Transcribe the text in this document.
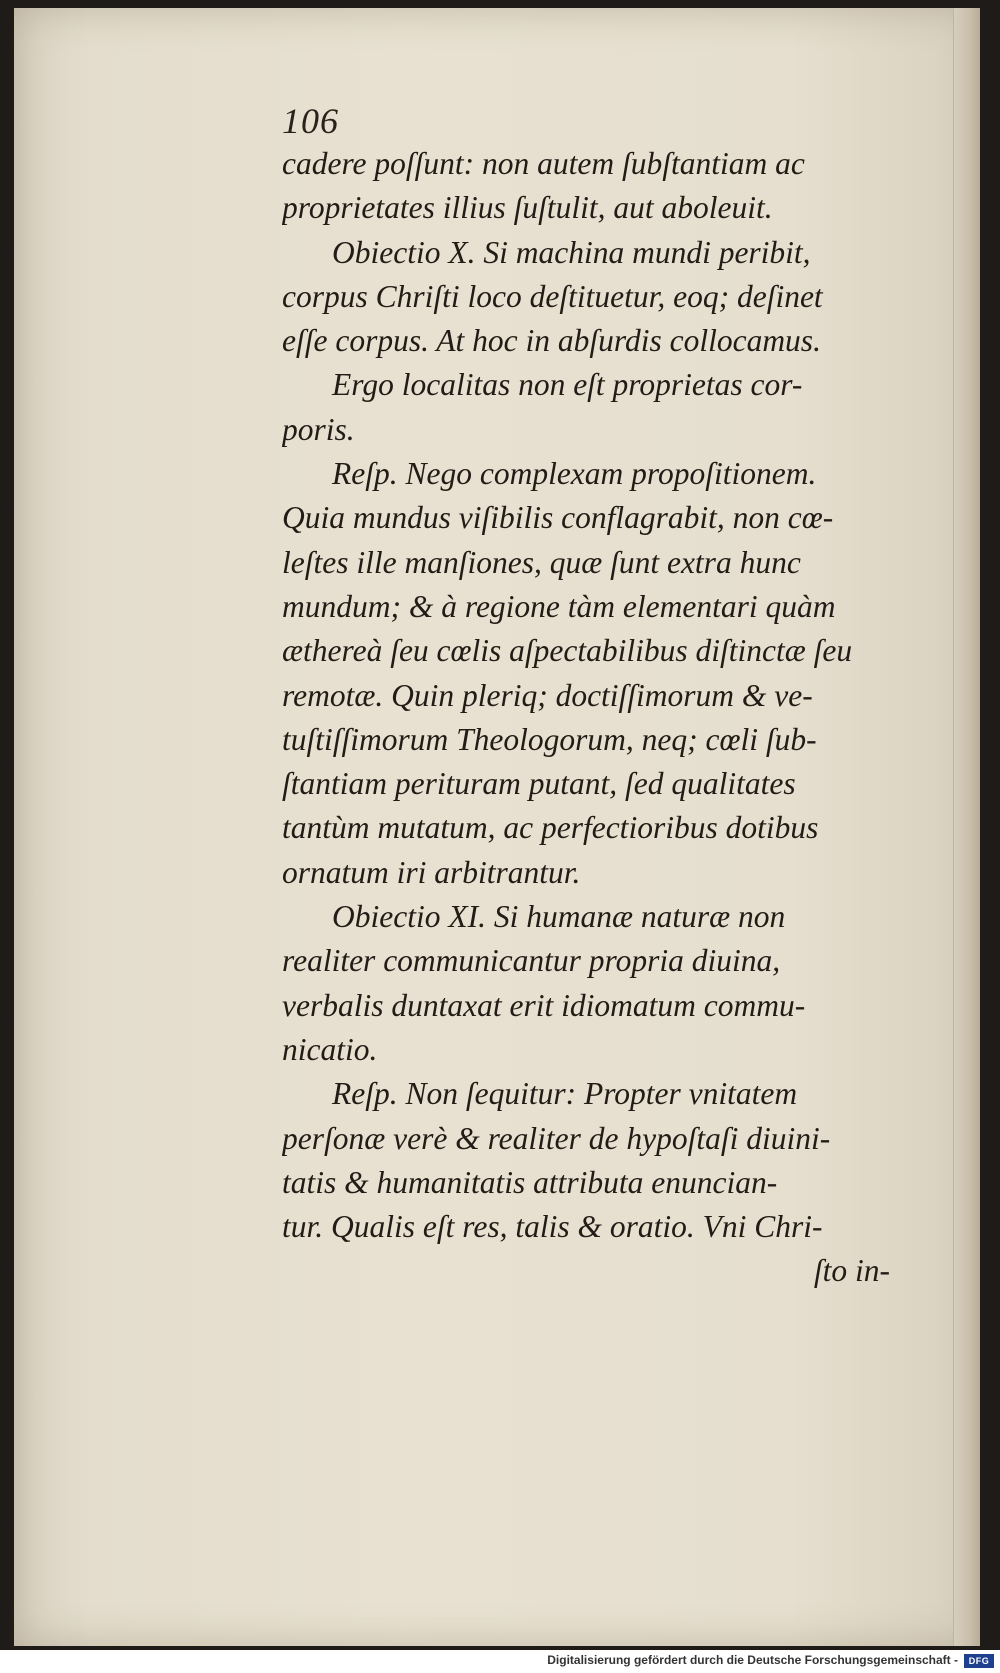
106
cadere poſſunt: non autem ſubſtantiam ac
proprietates illius ſuſtulit, aut aboleuit.
Obiectio X. Si machina mundi peribit,
corpus Chriſti loco deſtituetur, eoq; deſinet
eſſe corpus. At hoc in abſurdis collocamus.
Ergo localitas non eſt proprietas cor-
poris.
Reſp. Nego complexam propoſitionem.
Quia mundus viſibilis conflagrabit, non cœ-
leſtes ille manſiones, quæ ſunt extra hunc
mundum; & à regione tàm elementari quàm
æthereà ſeu cœlis aſpectabilibus diſtinctæ ſeu
remotæ. Quin pleriq; doctiſſimorum & ve-
tuſtiſſimorum Theologorum, neq; cœli ſub-
ſtantiam perituram putant, ſed qualitates
tantùm mutatum, ac perfectioribus dotibus
ornatum iri arbitrantur.
Obiectio XI. Si humanæ naturæ non
realiter communicantur propria diuina,
verbalis duntaxat erit idiomatum commu-
nicatio.
Reſp. Non ſequitur: Propter vnitatem
perſonæ verè & realiter de hypoſtaſi diuini-
tatis & humanitatis attributa enuncian-
tur. Qualis eſt res, talis & oratio. Vni Chri-
ſto in-
Digitalisierung gefördert durch die Deutsche Forschungsgemeinschaft -	DFG
